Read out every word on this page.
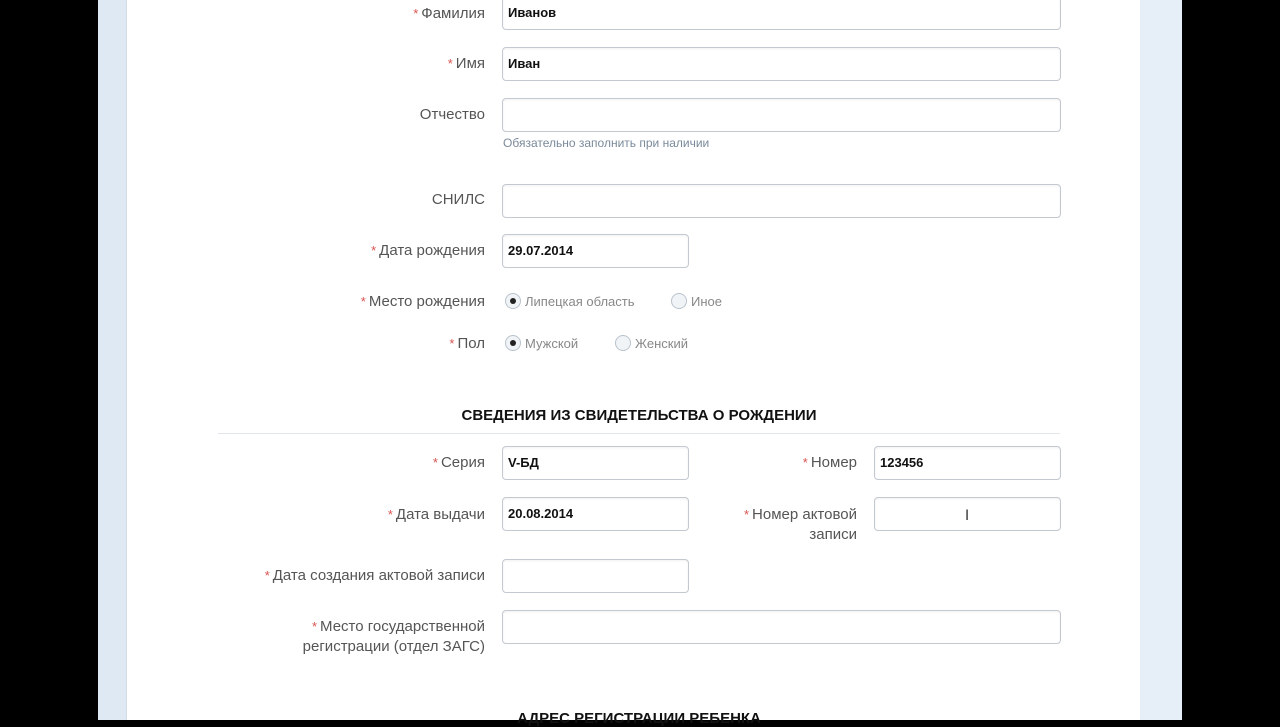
* Фамилия	Иванов
* Имя	Иван
Отчество
Обязательно заполнить при наличии
СНИЛС
* Дата рождения	29.07.2014
* Место рождения	Липецкая область	Иное
* Пол	Мужской	Женский
СВЕДЕНИЯ ИЗ СВИДЕТЕЛЬСТВА О РОЖДЕНИИ
* Серия	V-БД	* Номер	123456
* Дата выдачи	20.08.2014	* Номер актовой
записи
I
* Дата создания актовой записи
* Место государственной
регистрации (отдел ЗАГС)
АДРЕС РЕГИСТРАЦИИ РЕБЕНКА
